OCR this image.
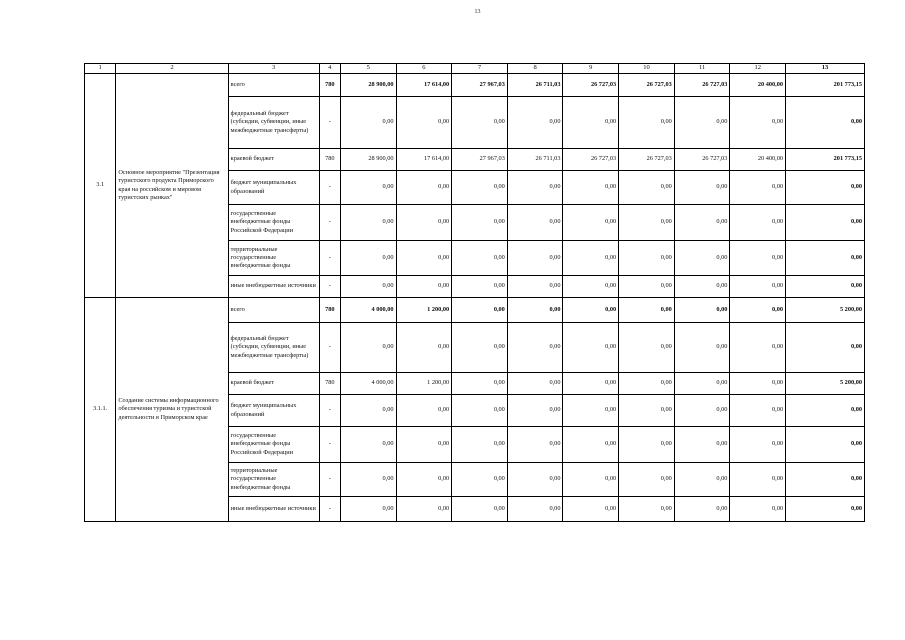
13
1	2	3	4	5	6	7	8	9	10	11	12	13
3.1	Основное мероприятие "Презентация туристского продукта Приморского края на российском и мировом туристских рынках"	всего	780	28 900,00	17 614,00	27 967,03	26 711,03	26 727,03	26 727,03	26 727,03	20 400,00	201 773,15
		федеральный бюджет (субсидии, субвенции, иные межбюджетные трансферты)	-	0,00	0,00	0,00	0,00	0,00	0,00	0,00	0,00	0,00
		краевой бюджет	780	28 900,00	17 614,00	27 967,03	26 711,03	26 727,03	26 727,03	26 727,03	20 400,00	201 773,15
		бюджет муниципальных образований	-	0,00	0,00	0,00	0,00	0,00	0,00	0,00	0,00	0,00
		государственные внебюджетные фонды Российской Федерации	-	0,00	0,00	0,00	0,00	0,00	0,00	0,00	0,00	0,00
		территориальные государственные внебюджетные фонды	-	0,00	0,00	0,00	0,00	0,00	0,00	0,00	0,00	0,00
		иные внебюджетные источники	-	0,00	0,00	0,00	0,00	0,00	0,00	0,00	0,00	0,00
3.1.1.	Создание системы информационного обеспечения туризма и туристской деятельности в Приморском крае	всего	780	4 000,00	1 200,00	0,00	0,00	0,00	0,00	0,00	0,00	5 200,00
		федеральный бюджет (субсидии, субвенции, иные межбюджетные трансферты)	-	0,00	0,00	0,00	0,00	0,00	0,00	0,00	0,00	0,00
		краевой бюджет	780	4 000,00	1 200,00	0,00	0,00	0,00	0,00	0,00	0,00	5 200,00
		бюджет муниципальных образований	-	0,00	0,00	0,00	0,00	0,00	0,00	0,00	0,00	0,00
		государственные внебюджетные фонды Российской Федерации	-	0,00	0,00	0,00	0,00	0,00	0,00	0,00	0,00	0,00
		территориальные государственные внебюджетные фонды	-	0,00	0,00	0,00	0,00	0,00	0,00	0,00	0,00	0,00
		иные внебюджетные источники	-	0,00	0,00	0,00	0,00	0,00	0,00	0,00	0,00	0,00
